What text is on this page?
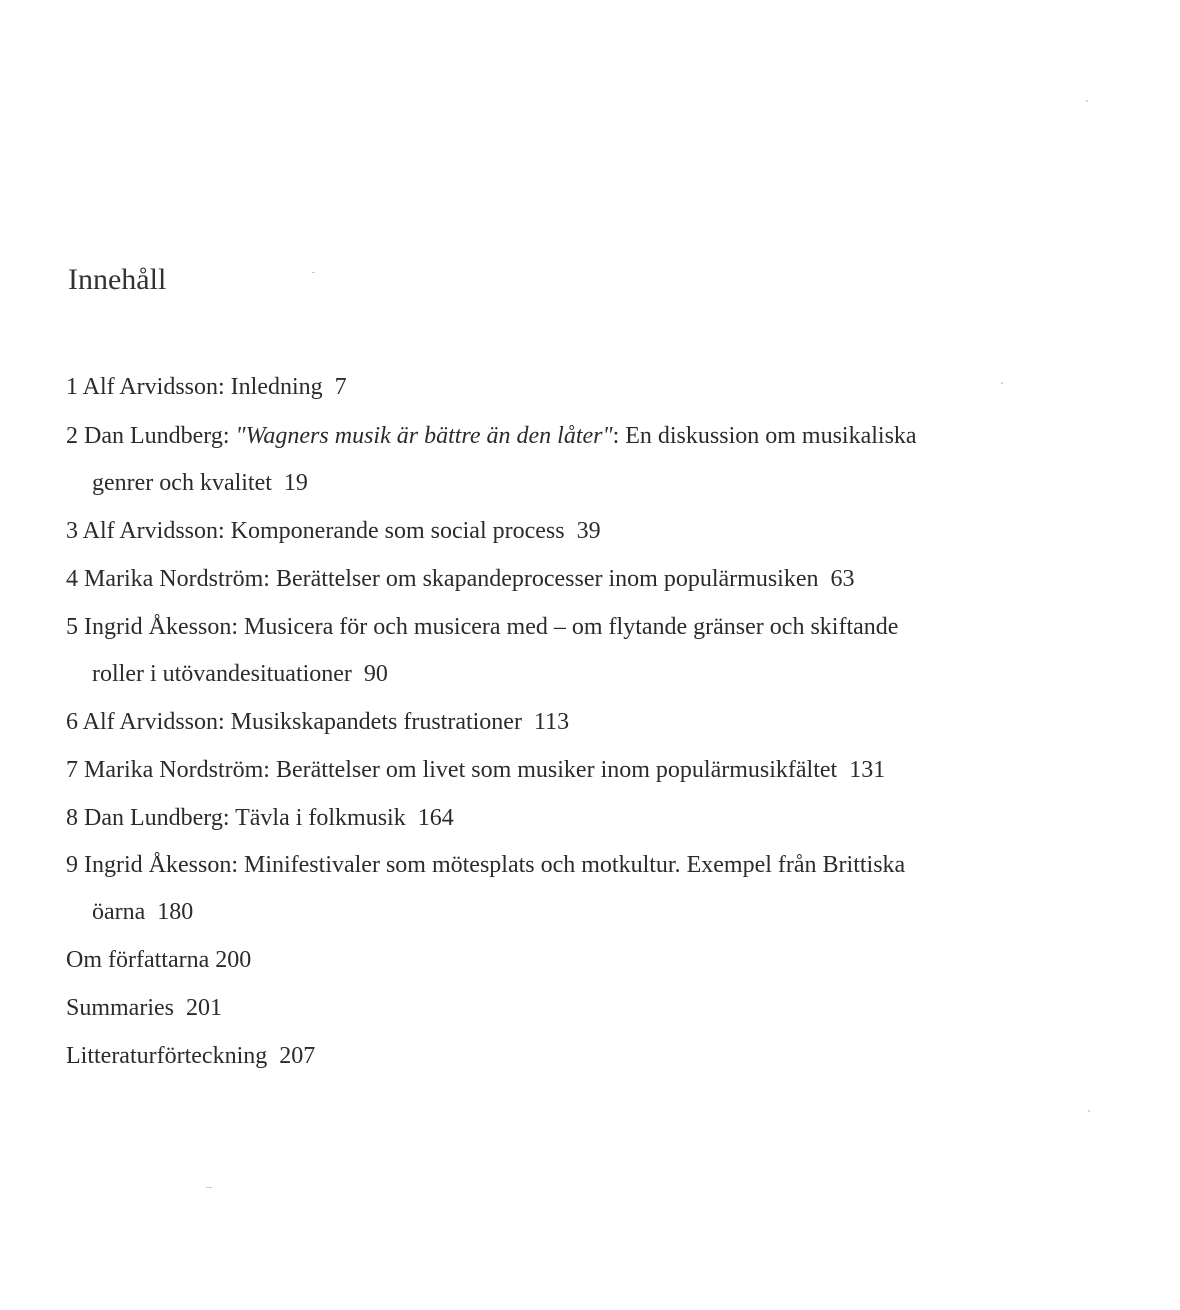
Innehåll
1 Alf Arvidsson: Inledning 7
2 Dan Lundberg: "Wagners musik är bättre än den låter": En diskussion om musikaliska
genrer och kvalitet 19
3 Alf Arvidsson: Komponerande som social process 39
4 Marika Nordström: Berättelser om skapandeprocesser inom populärmusiken 63
5 Ingrid Åkesson: Musicera för och musicera med – om flytande gränser och skiftande
roller i utövandesituationer 90
6 Alf Arvidsson: Musikskapandets frustrationer 113
7 Marika Nordström: Berättelser om livet som musiker inom populärmusikfältet 131
8 Dan Lundberg: Tävla i folkmusik 164
9 Ingrid Åkesson: Minifestivaler som mötesplats och motkultur. Exempel från Brittiska
öarna 180
Om författarna 200
Summaries 201
Litteraturförteckning 207
